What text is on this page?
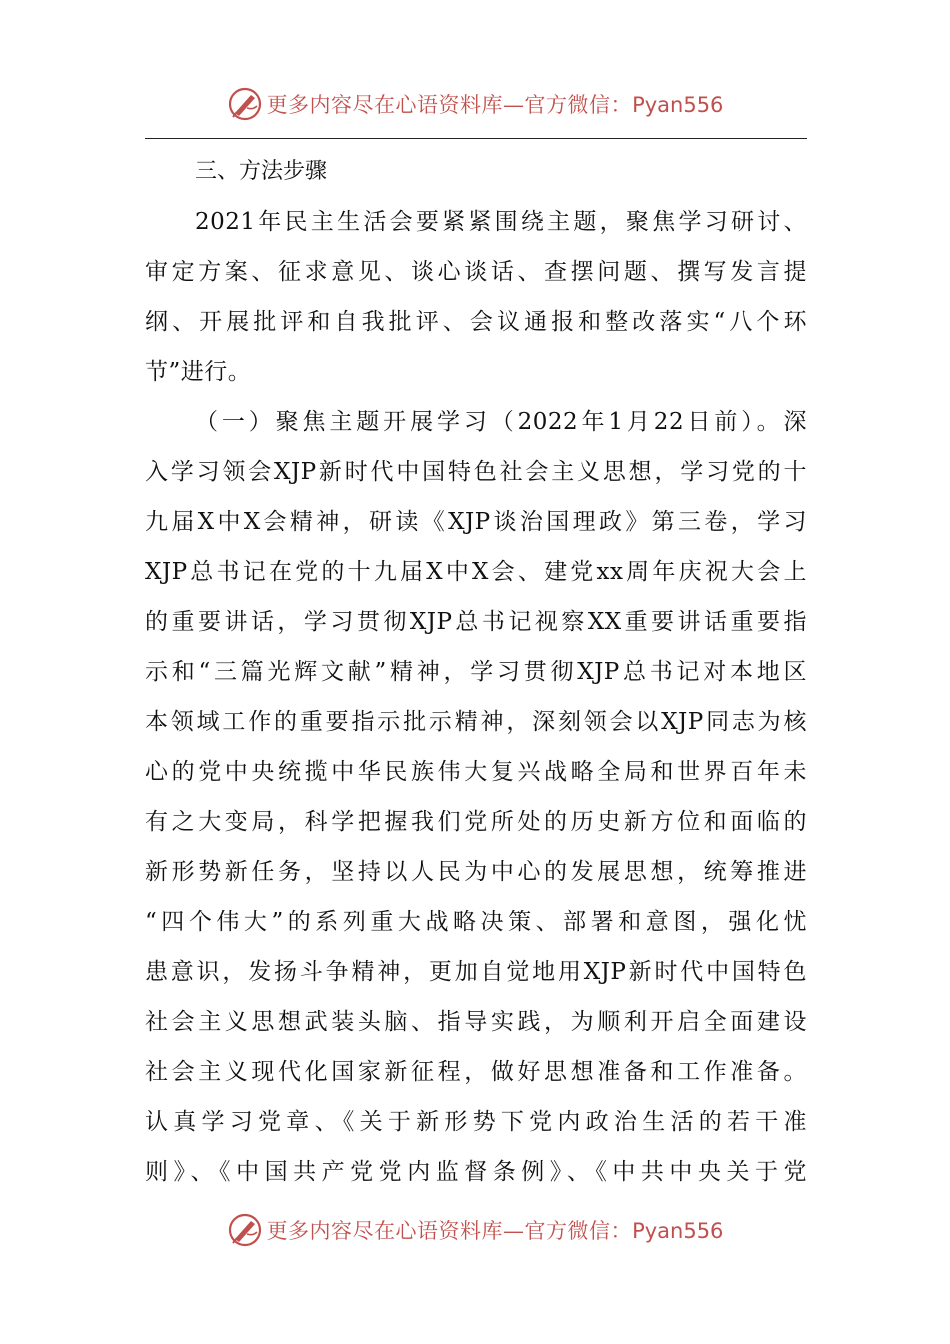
更多内容尽在心语资料库—官方微信：Pyan556

三、方法步骤

2021年民主生活会要紧紧围绕主题，聚焦学习研讨、

审定方案、征求意见、谈心谈话、查摆问题、撰写发言提

纲、开展批评和自我批评、会议通报和整改落实“八个环

节”进行。

（一）聚焦主题开展学习（2022年1月22日前）。深

入学习领会XJP新时代中国特色社会主义思想，学习党的十

九届X中X会精神，研读《XJP谈治国理政》第三卷，学习

XJP总书记在党的十九届X中X会、建党xx周年庆祝大会上

的重要讲话，学习贯彻XJP总书记视察XX重要讲话重要指

示和“三篇光辉文献”精神，学习贯彻XJP总书记对本地区

本领域工作的重要指示批示精神，深刻领会以XJP同志为核

心的党中央统揽中华民族伟大复兴战略全局和世界百年未

有之大变局，科学把握我们党所处的历史新方位和面临的

新形势新任务，坚持以人民为中心的发展思想，统筹推进

“四个伟大”的系列重大战略决策、部署和意图，强化忧

患意识，发扬斗争精神，更加自觉地用XJP新时代中国特色

社会主义思想武装头脑、指导实践，为顺利开启全面建设

社会主义现代化国家新征程，做好思想准备和工作准备。

认真学习党章、《关于新形势下党内政治生活的若干准

则》、《中国共产党党内监督条例》、《中共中央关于党

更多内容尽在心语资料库—官方微信：Pyan556
